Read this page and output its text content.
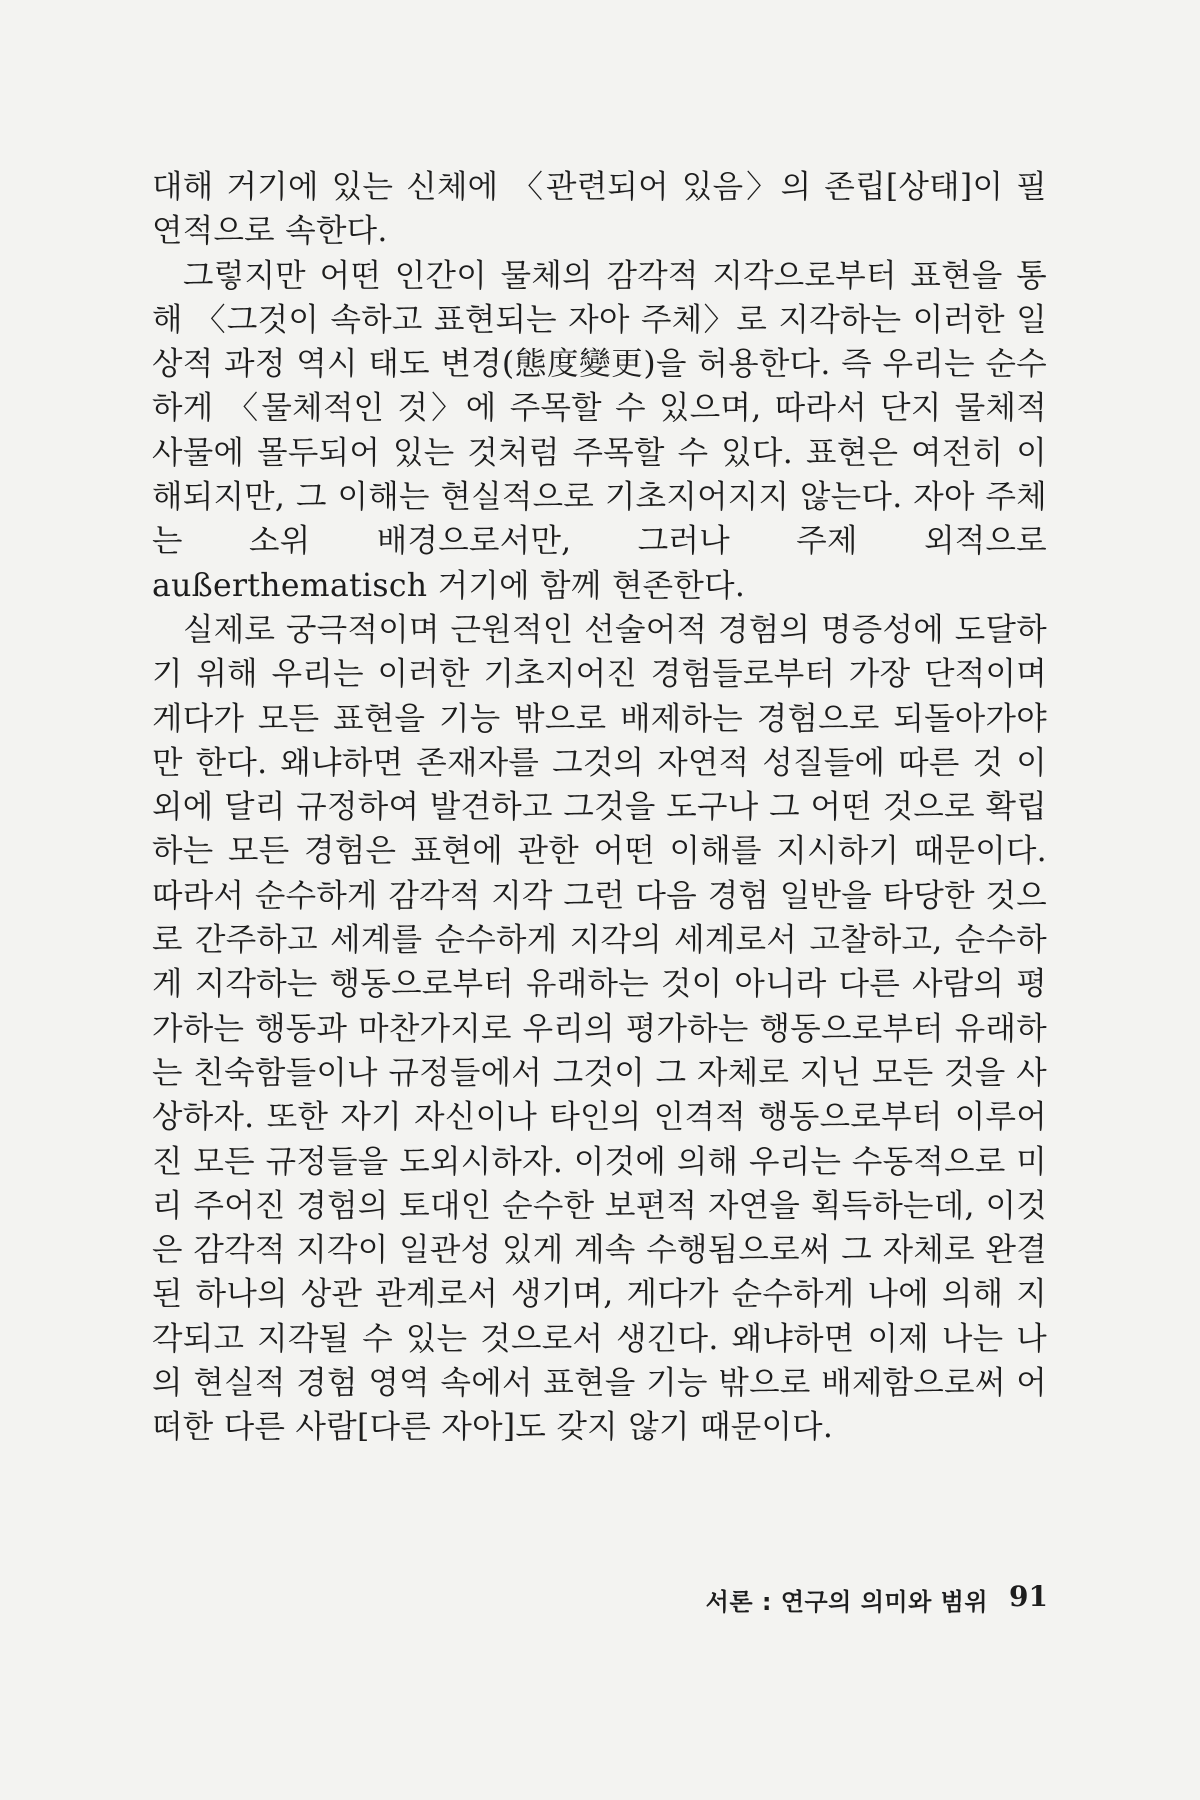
대해 거기에 있는 신체에 〈관련되어 있음〉의 존립[상태]이 필연적으로 속한다.

그렇지만 어떤 인간이 물체의 감각적 지각으로부터 표현을 통해 〈그것이 속하고 표현되는 자아 주체〉로 지각하는 이러한 일상적 과정 역시 태도 변경(態度變更)을 허용한다. 즉 우리는 순수하게 〈물체적인 것〉에 주목할 수 있으며, 따라서 단지 물체적 사물에 몰두되어 있는 것처럼 주목할 수 있다. 표현은 여전히 이해되지만, 그 이해는 현실적으로 기초지어지지 않는다. 자아 주체는 소위 배경으로서만, 그러나 주제 외적으로 außerthematisch 거기에 함께 현존한다.

실제로 궁극적이며 근원적인 선술어적 경험의 명증성에 도달하기 위해 우리는 이러한 기초지어진 경험들로부터 가장 단적이며 게다가 모든 표현을 기능 밖으로 배제하는 경험으로 되돌아가야만 한다. 왜냐하면 존재자를 그것의 자연적 성질들에 따른 것 이외에 달리 규정하여 발견하고 그것을 도구나 그 어떤 것으로 확립하는 모든 경험은 표현에 관한 어떤 이해를 지시하기 때문이다. 따라서 순수하게 감각적 지각 그런 다음 경험 일반을 타당한 것으로 간주하고 세계를 순수하게 지각의 세계로서 고찰하고, 순수하게 지각하는 행동으로부터 유래하는 것이 아니라 다른 사람의 평가하는 행동과 마찬가지로 우리의 평가하는 행동으로부터 유래하는 친숙함들이나 규정들에서 그것이 그 자체로 지닌 모든 것을 사상하자. 또한 자기 자신이나 타인의 인격적 행동으로부터 이루어진 모든 규정들을 도외시하자. 이것에 의해 우리는 수동적으로 미리 주어진 경험의 토대인 순수한 보편적 자연을 획득하는데, 이것은 감각적 지각이 일관성 있게 계속 수행됨으로써 그 자체로 완결된 하나의 상관 관계로서 생기며, 게다가 순수하게 나에 의해 지각되고 지각될 수 있는 것으로서 생긴다. 왜냐하면 이제 나는 나의 현실적 경험 영역 속에서 표현을 기능 밖으로 배제함으로써 어떠한 다른 사람[다른 자아]도 갖지 않기 때문이다.

서론 : 연구의 의미와 범위 91
